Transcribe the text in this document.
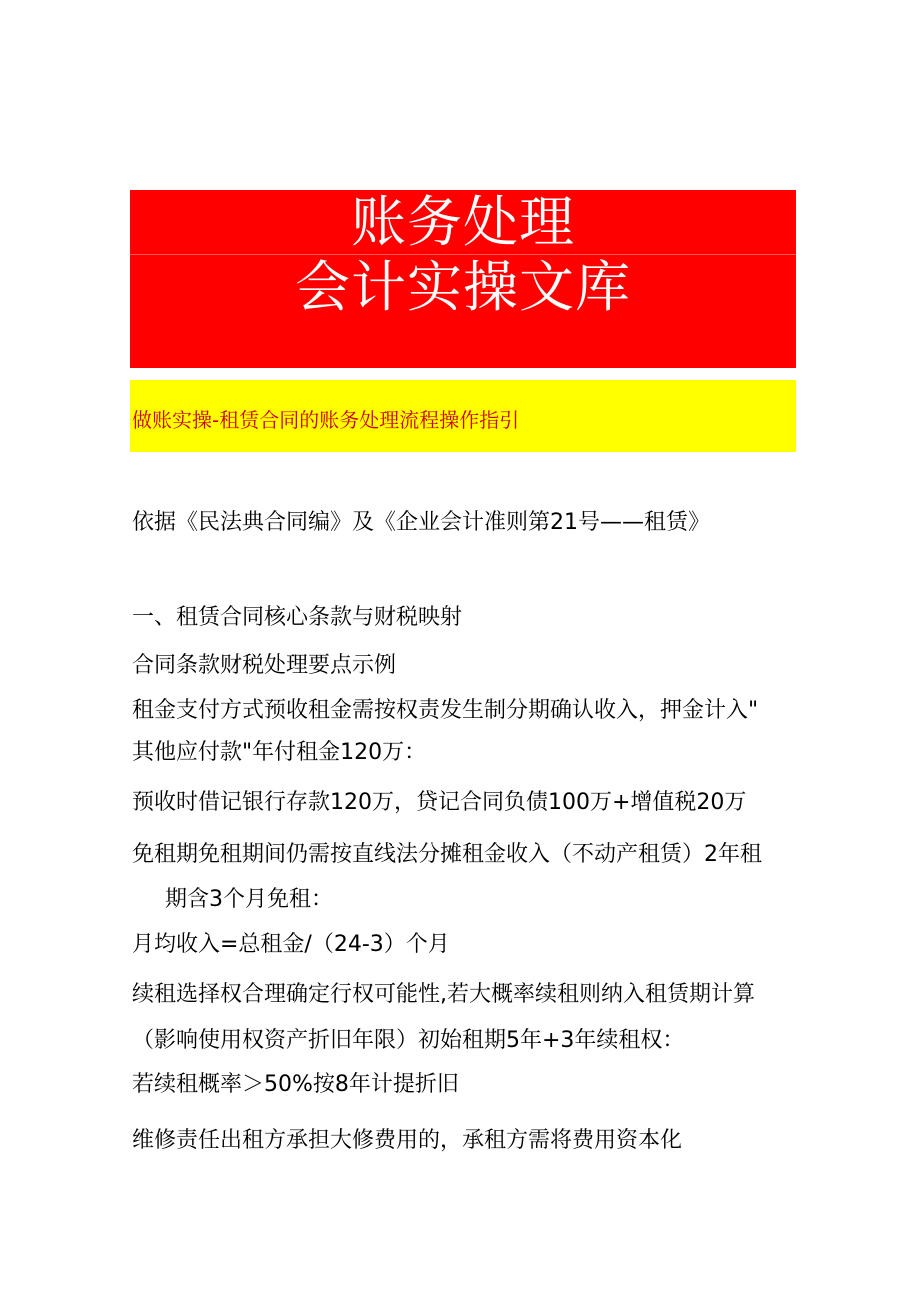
账务处理
会计实操文库
做账实操-租赁合同的账务处理流程操作指引
依据《民法典合同编》及《企业会计准则第21号——租赁》
一、租赁合同核心条款与财税映射
合同条款财税处理要点示例
租金支付方式预收租金需按权责发生制分期确认收入，押金计入"
其他应付款"年付租金120万：
预收时借记银行存款120万，贷记合同负债100万+增值税20万
免租期免租期间仍需按直线法分摊租金收入（不动产租赁）2年租
期含3个月免租：
月均收入=总租金/（24-3）个月
续租选择权合理确定行权可能性,若大概率续租则纳入租赁期计算
（影响使用权资产折旧年限）初始租期5年+3年续租权：
若续租概率＞50%按8年计提折旧
维修责任出租方承担大修费用的，承租方需将费用资本化
